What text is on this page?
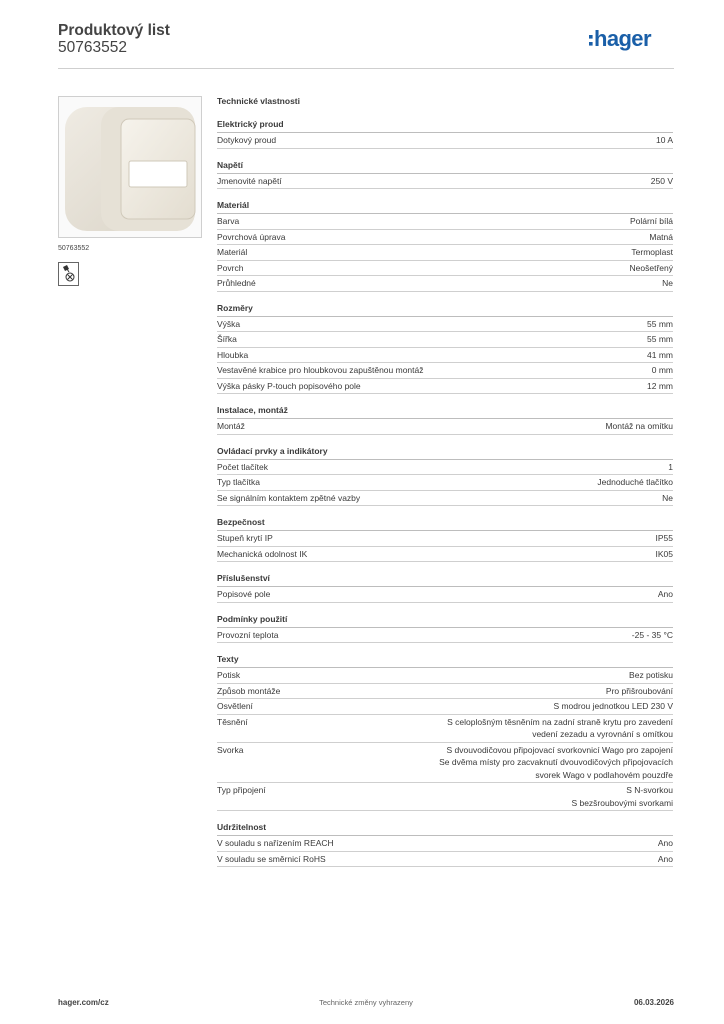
Produktový list
50763552	hager
50763552
Technické vlastnosti
Elektrický proud
Dotykový proud	10 A
Napětí
Jmenovité napětí	250 V
Materiál
Barva	Polární bílá
Povrchová úprava	Matná
Materiál	Termoplast
Povrch	Neošetřený
Průhledné	Ne
Rozměry
Výška	55 mm
Šířka	55 mm
Hloubka	41 mm
Vestavěné krabice pro hloubkovou zapuštěnou montáž	0 mm
Výška pásky P-touch popisového pole	12 mm
Instalace, montáž
Montáž	Montáž na omítku
Ovládací prvky a indikátory
Počet tlačítek	1
Typ tlačítka	Jednoduché tlačítko
Se signálním kontaktem zpětné vazby	Ne
Bezpečnost
Stupeň krytí IP	IP55
Mechanická odolnost IK	IK05
Příslušenství
Popisové pole	Ano
Podmínky použití
Provozní teplota	-25 - 35 °C
Texty
Potisk	Bez potisku
Způsob montáže	Pro přišroubování
Osvětlení	S modrou jednotkou LED 230 V
Těsnění	S celoplošným těsněním na zadní straně krytu pro zavedení vedení zezadu a vyrovnání s omítkou
Svorka	S dvouvodičovou připojovací svorkovnicí Wago pro zapojení
Se dvěma místy pro zacvaknutí dvouvodičových připojovacích svorek Wago v podlahovém pouzdře
Typ připojení	S N-svorkou
S bezšroubovými svorkami
Udržitelnost
V souladu s nařízením REACH	Ano
V souladu se směrnicí RoHS	Ano
hager.com/cz	Technické změny vyhrazeny	06.03.2026
